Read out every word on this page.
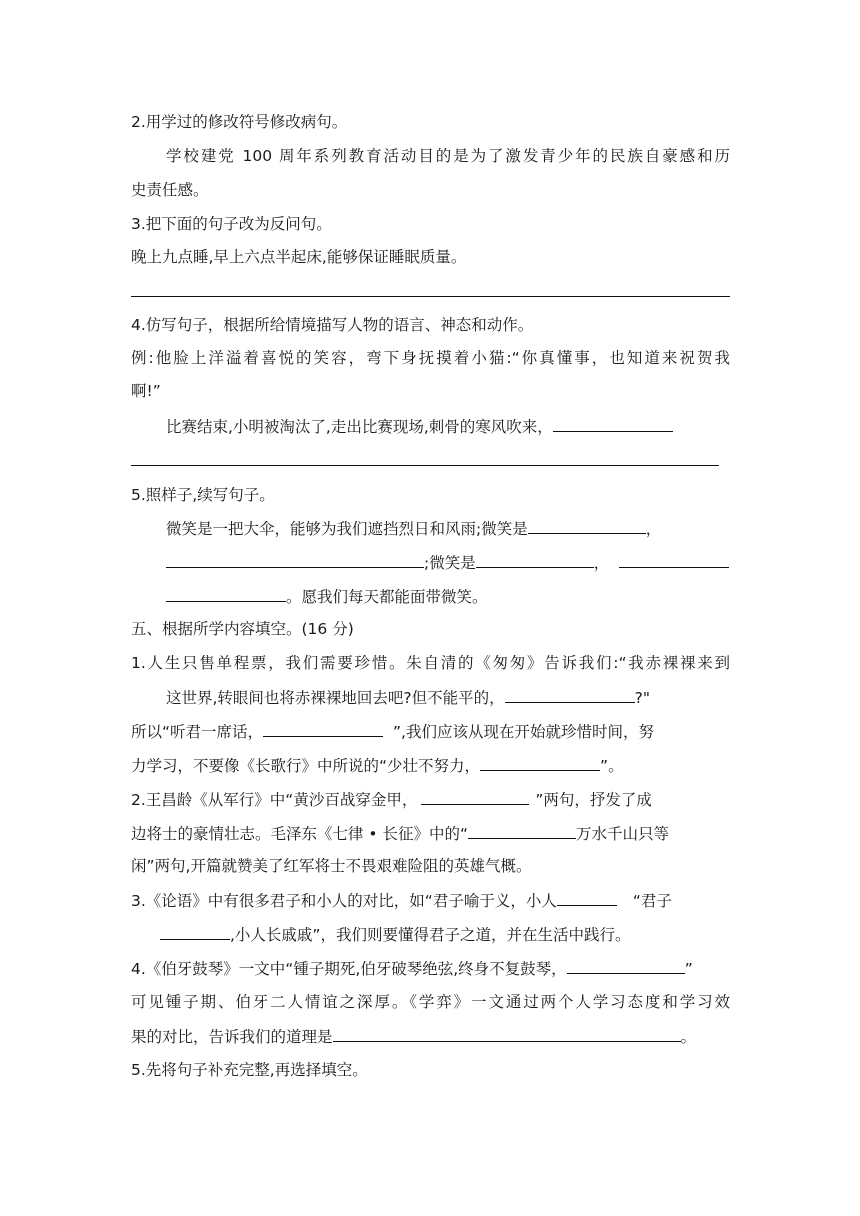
2.用学过的修改符号修改病句。
学校建党 100 周年系列教育活动目的是为了激发青少年的民族自豪感和历
史责任感。
3.把下面的句子改为反问句。
晚上九点睡,早上六点半起床,能够保证睡眠质量。
4.仿写句子，根据所给情境描写人物的语言、神态和动作。
例:他脸上洋溢着喜悦的笑容，弯下身抚摸着小猫:“你真懂事，也知道来祝贺我
啊!”
比赛结束,小明被淘汰了,走出比赛现场,刺骨的寒风吹来，
5.照样子,续写句子。
微笑是一把大伞，能够为我们遮挡烈日和风雨;微笑是	，
;微笑是	，
。愿我们每天都能面带微笑。
五、根据所学内容填空。(16 分)
1.人生只售单程票，我们需要珍惜。朱自清的《匆匆》告诉我们:“我赤裸裸来到
这世界,转眼间也将赤裸裸地回去吧?但不能平的，	?"
所以“听君一席话，	”,我们应该从现在开始就珍惜时间，努
力学习，不要像《长歌行》中所说的“少壮不努力，	”。
2.王昌龄《从军行》中“黄沙百战穿金甲，	”两句，抒发了成
边将士的豪情壮志。毛泽东《七律 • 长征》中的“	万水千山只等
闲”两句,开篇就赞美了红军将士不畏艰难险阻的英雄气概。
3.《论语》中有很多君子和小人的对比，如“君子喻于义，小人	“君子
,小人长戚戚”，我们则要懂得君子之道，并在生活中践行。
4.《伯牙鼓琴》一文中“锺子期死,伯牙破琴绝弦,终身不复鼓琴，	”
可见锺子期、伯牙二人情谊之深厚。《学弈》一文通过两个人学习态度和学习效
果的对比，告诉我们的道理是	。
5.先将句子补充完整,再选择填空。
